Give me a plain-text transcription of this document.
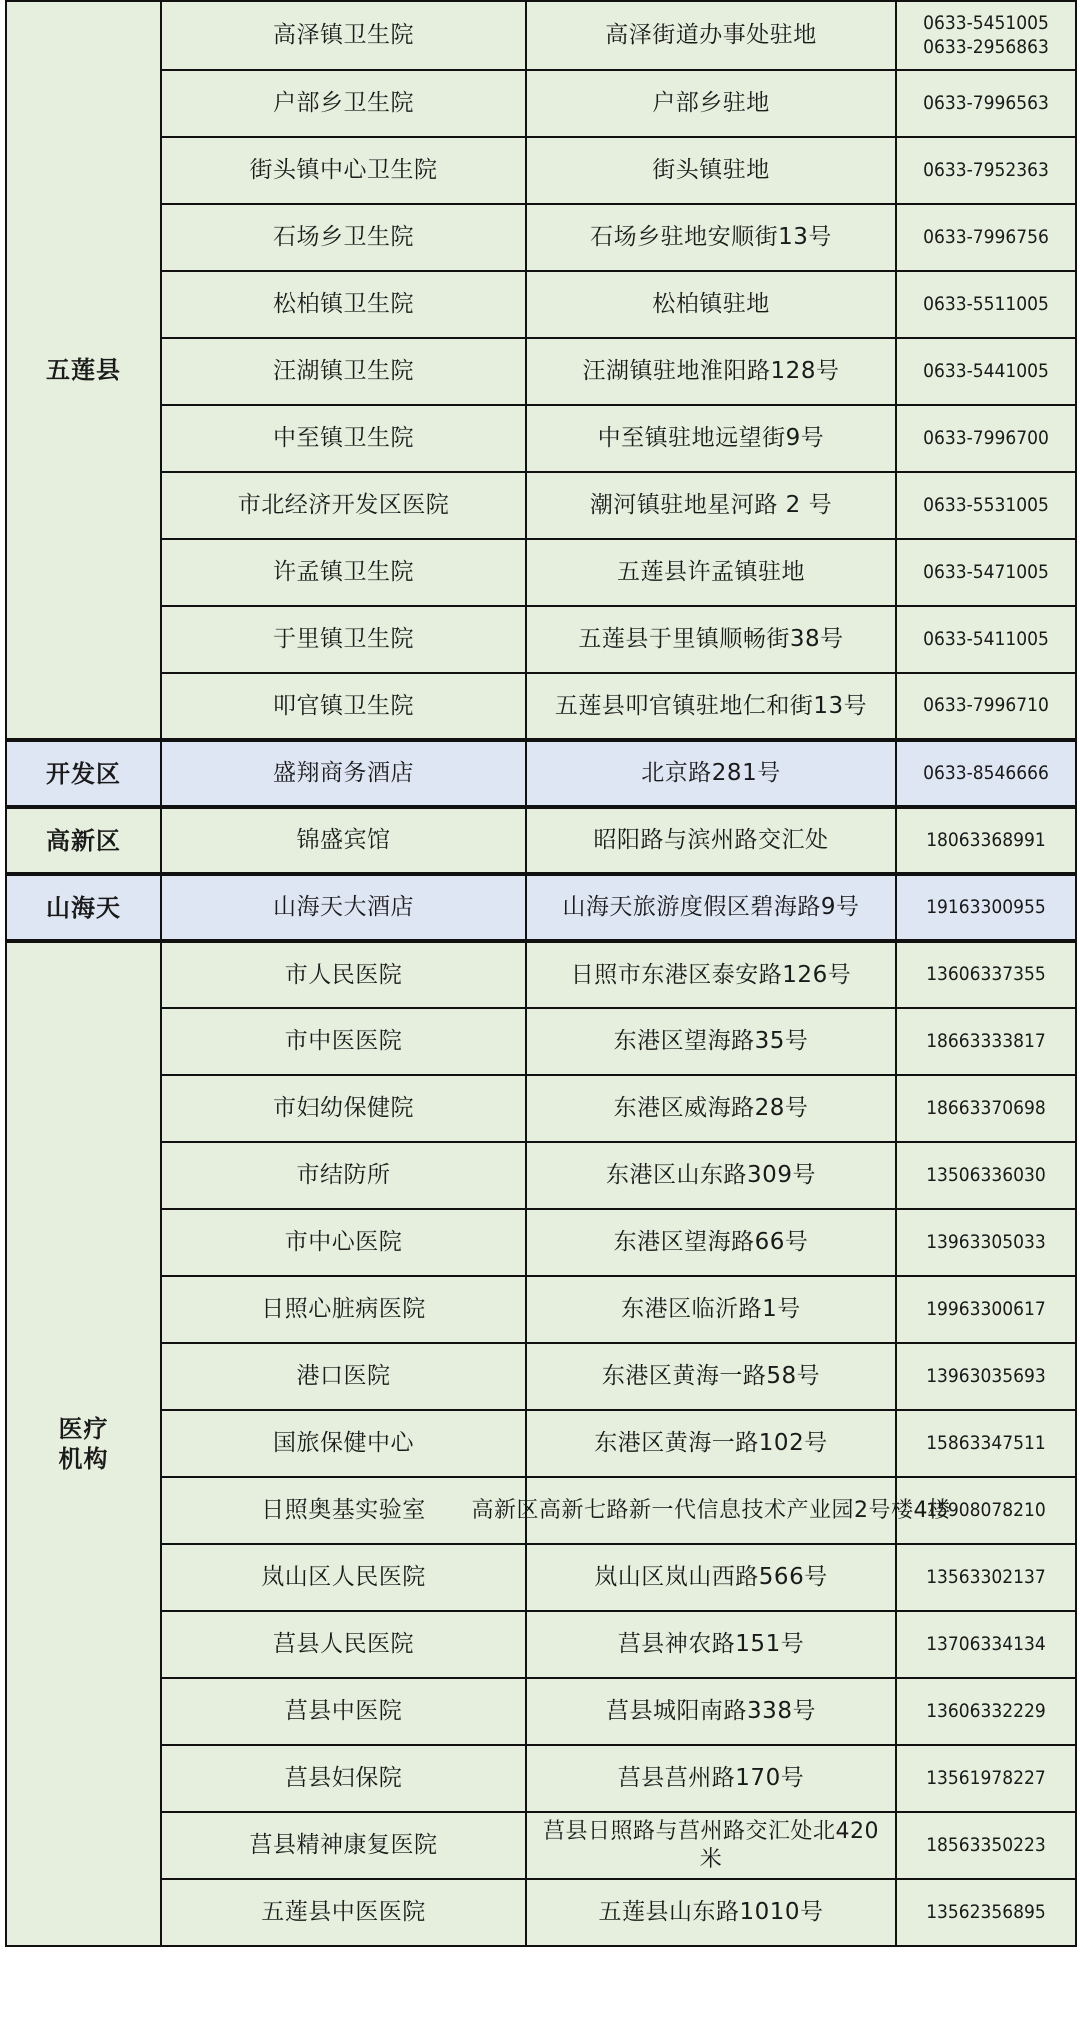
五莲县	高泽镇卫生院	高泽街道办事处驻地	0633-5451005
0633-2956863
	户部乡卫生院	户部乡驻地	0633-7996563
	街头镇中心卫生院	街头镇驻地	0633-7952363
	石场乡卫生院	石场乡驻地安顺街13号	0633-7996756
	松柏镇卫生院	松柏镇驻地	0633-5511005
	汪湖镇卫生院	汪湖镇驻地淮阳路128号	0633-5441005
	中至镇卫生院	中至镇驻地远望街9号	0633-7996700
	市北经济开发区医院	潮河镇驻地星河路 2 号	0633-5531005
	许孟镇卫生院	五莲县许孟镇驻地	0633-5471005
	于里镇卫生院	五莲县于里镇顺畅街38号	0633-5411005
	叩官镇卫生院	五莲县叩官镇驻地仁和街13号	0633-7996710
开发区	盛翔商务酒店	北京路281号	0633-8546666
高新区	锦盛宾馆	昭阳路与滨州路交汇处	18063368991
山海天	山海天大酒店	山海天旅游度假区碧海路9号	19163300955
医疗
机构	市人民医院	日照市东港区泰安路126号	13606337355
	市中医医院	东港区望海路35号	18663333817
	市妇幼保健院	东港区威海路28号	18663370698
	市结防所	东港区山东路309号	13506336030
	市中心医院	东港区望海路66号	13963305033
	日照心脏病医院	东港区临沂路1号	19963300617
	港口医院	东港区黄海一路58号	13963035693
	国旅保健中心	东港区黄海一路102号	15863347511
	日照奥基实验室	高新区高新七路新一代信息技术产业园2号楼4楼	15908078210
	岚山区人民医院	岚山区岚山西路566号	13563302137
	莒县人民医院	莒县神农路151号	13706334134
	莒县中医院	莒县城阳南路338号	13606332229
	莒县妇保院	莒县莒州路170号	13561978227
	莒县精神康复医院	莒县日照路与莒州路交汇处北420米	18563350223
	五莲县中医医院	五莲县山东路1010号	13562356895
